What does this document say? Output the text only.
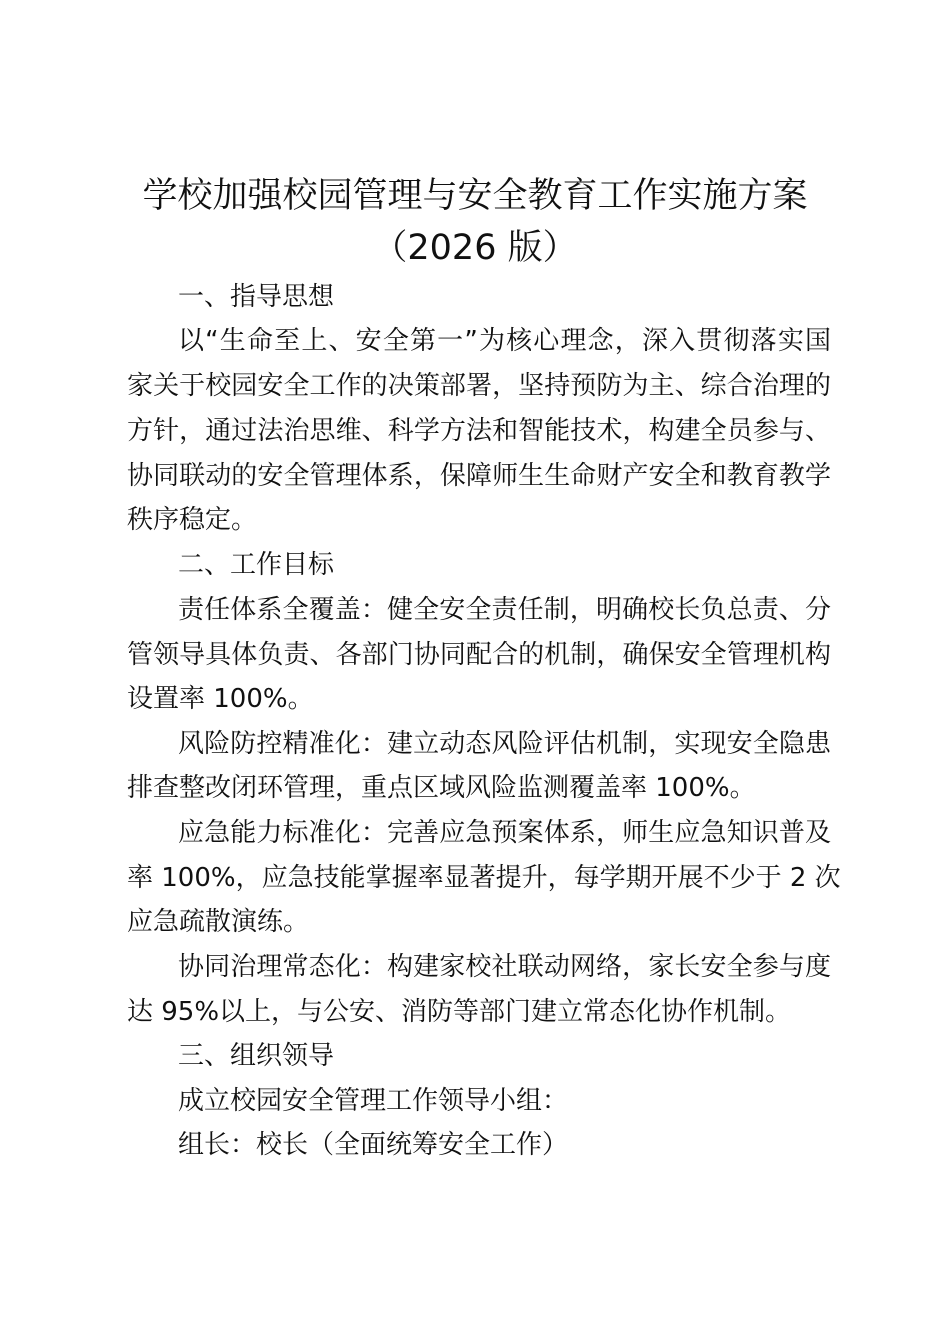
学校加强校园管理与安全教育工作实施方案
（2026 版）
一、指导思想
以“生命至上、安全第一”为核心理念，深入贯彻落实国
家关于校园安全工作的决策部署，坚持预防为主、综合治理的
方针，通过法治思维、科学方法和智能技术，构建全员参与、
协同联动的安全管理体系，保障师生生命财产安全和教育教学
秩序稳定。
二、工作目标
责任体系全覆盖：健全安全责任制，明确校长负总责、分
管领导具体负责、各部门协同配合的机制，确保安全管理机构
设置率 100%。
风险防控精准化：建立动态风险评估机制，实现安全隐患
排查整改闭环管理，重点区域风险监测覆盖率 100%。
应急能力标准化：完善应急预案体系，师生应急知识普及
率 100%，应急技能掌握率显著提升，每学期开展不少于 2 次
应急疏散演练。
协同治理常态化：构建家校社联动网络，家长安全参与度
达 95%以上，与公安、消防等部门建立常态化协作机制。
三、组织领导
成立校园安全管理工作领导小组：
组长：校长（全面统筹安全工作）
